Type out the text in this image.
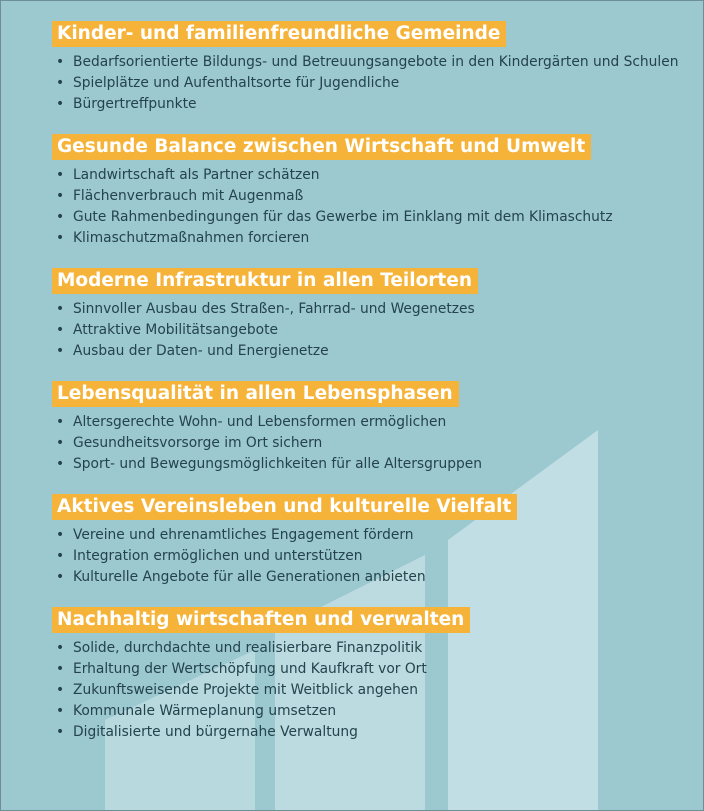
Kinder- und familienfreundliche Gemeinde
• Bedarfsorientierte Bildungs- und Betreuungsangebote in den Kindergärten und Schulen
• Spielplätze und Aufenthaltsorte für Jugendliche
• Bürgertreffpunkte
Gesunde Balance zwischen Wirtschaft und Umwelt
• Landwirtschaft als Partner schätzen
• Flächenverbrauch mit Augenmaß
• Gute Rahmenbedingungen für das Gewerbe im Einklang mit dem Klimaschutz
• Klimaschutzmaßnahmen forcieren
Moderne Infrastruktur in allen Teilorten
• Sinnvoller Ausbau des Straßen-, Fahrrad- und Wegenetzes
• Attraktive Mobilitätsangebote
• Ausbau der Daten- und Energienetze
Lebensqualität in allen Lebensphasen
• Altersgerechte Wohn- und Lebensformen ermöglichen
• Gesundheitsvorsorge im Ort sichern
• Sport- und Bewegungsmöglichkeiten für alle Altersgruppen
Aktives Vereinsleben und kulturelle Vielfalt
• Vereine und ehrenamtliches Engagement fördern
• Integration ermöglichen und unterstützen
• Kulturelle Angebote für alle Generationen anbieten
Nachhaltig wirtschaften und verwalten
• Solide, durchdachte und realisierbare Finanzpolitik
• Erhaltung der Wertschöpfung und Kaufkraft vor Ort
• Zukunftsweisende Projekte mit Weitblick angehen
• Kommunale Wärmeplanung umsetzen
• Digitalisierte und bürgernahe Verwaltung
